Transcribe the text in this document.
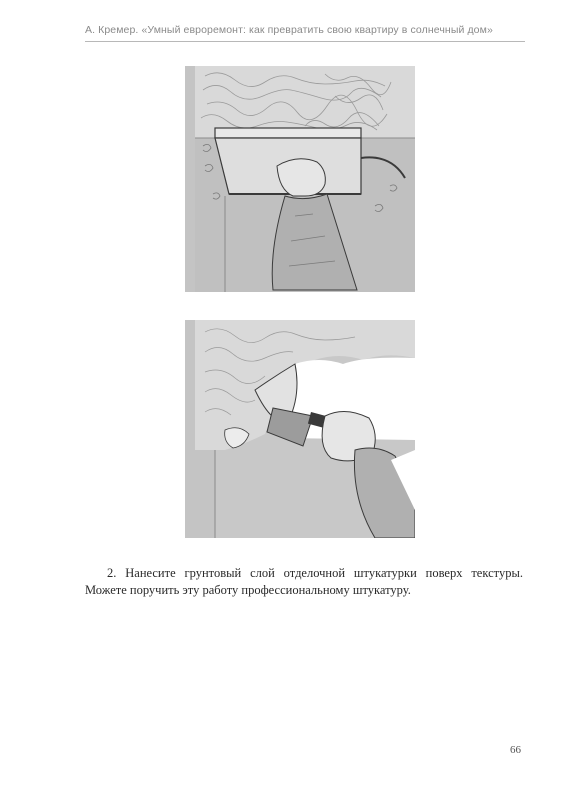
А. Кремер. «Умный евроремонт: как превратить свою квартиру в солнечный дом»

2. Нанесите грунтовый слой отделочной штукатурки поверх текстуры. Можете поручить эту работу профессиональному штукатуру.

66
